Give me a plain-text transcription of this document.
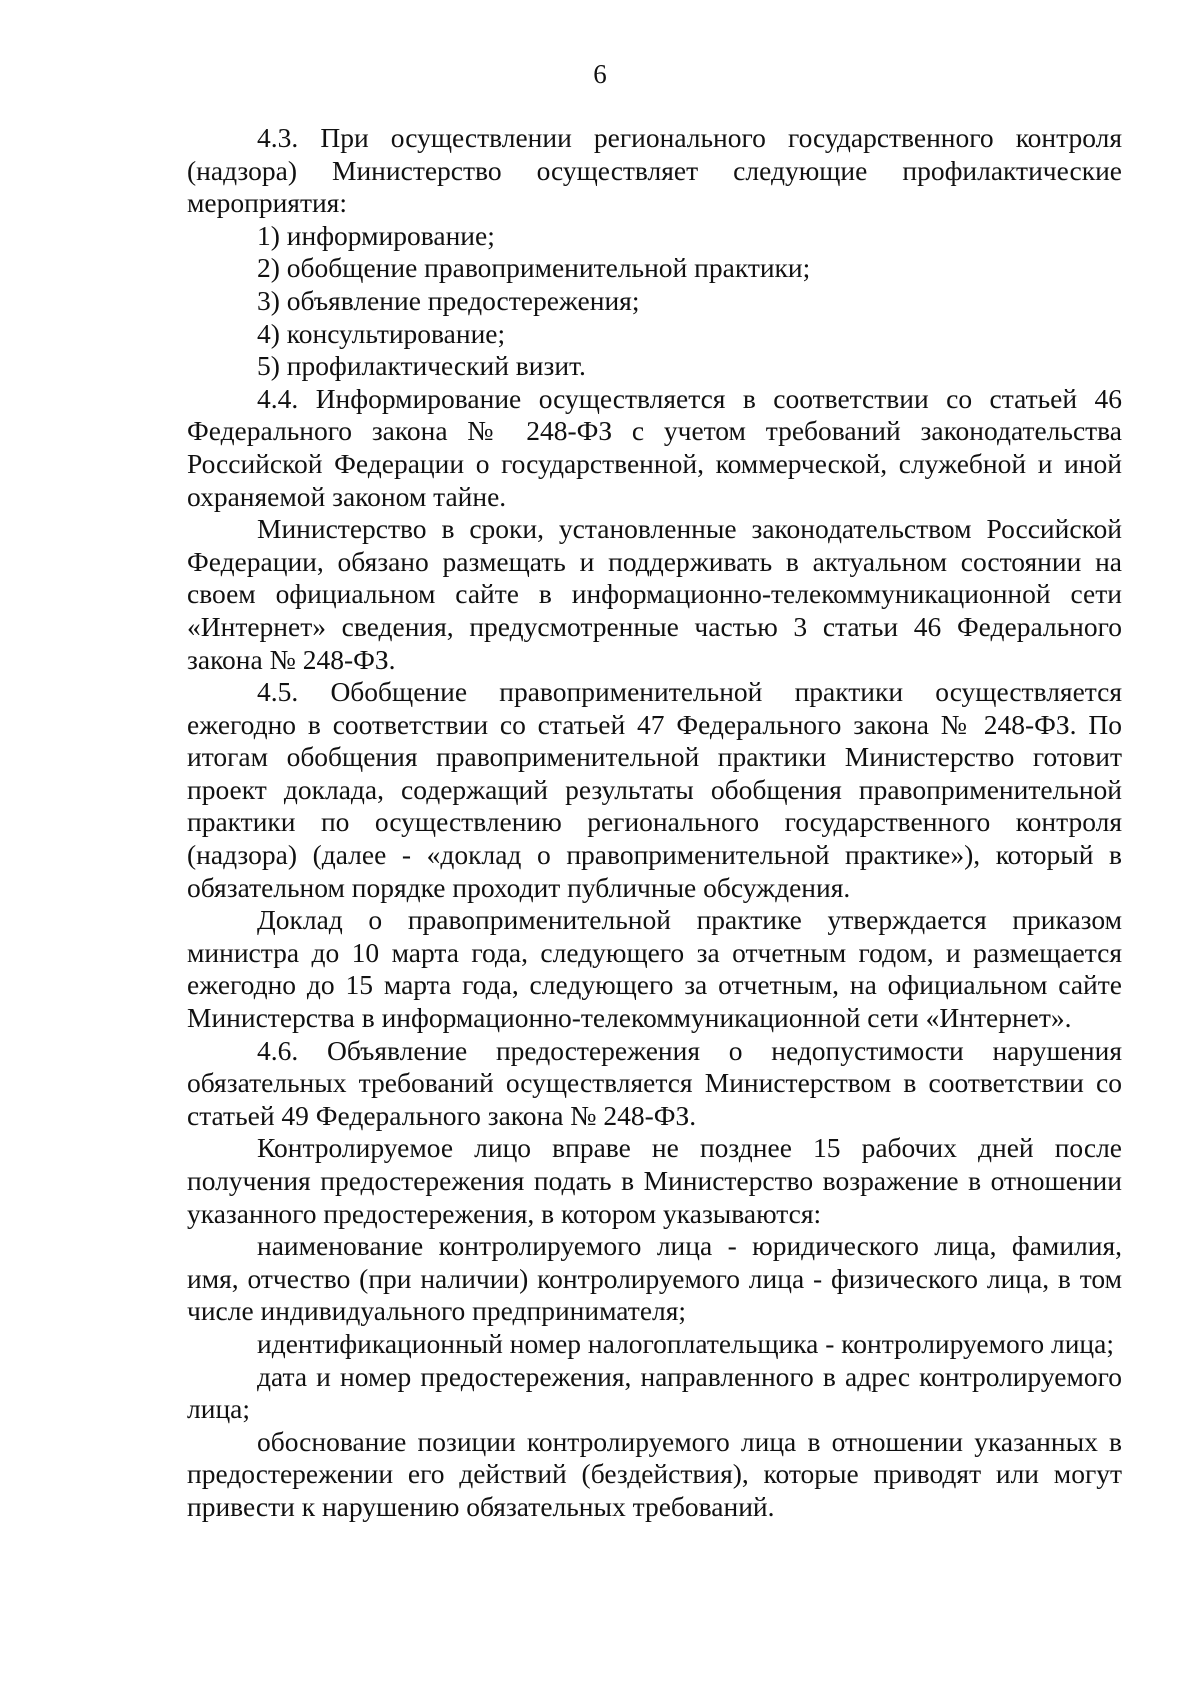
6

4.3. При осуществлении регионального государственного контроля (надзора) Министерство осуществляет следующие профилактические мероприятия:

1) информирование;

2) обобщение правоприменительной практики;

3) объявление предостережения;

4) консультирование;

5) профилактический визит.

4.4. Информирование осуществляется в соответствии со статьей 46 Федерального закона № 248-ФЗ с учетом требований законодательства Российской Федерации о государственной, коммерческой, служебной и иной охраняемой законом тайне.

Министерство в сроки, установленные законодательством Российской Федерации, обязано размещать и поддерживать в актуальном состоянии на своем официальном сайте в информационно-телекоммуникационной сети «Интернет» сведения, предусмотренные частью 3 статьи 46 Федерального закона № 248-ФЗ.

4.5. Обобщение правоприменительной практики осуществляется ежегодно в соответствии со статьей 47 Федерального закона № 248-ФЗ. По итогам обобщения правоприменительной практики Министерство готовит проект доклада, содержащий результаты обобщения правоприменительной практики по осуществлению регионального государственного контроля (надзора) (далее - «доклад о правоприменительной практике»), который в обязательном порядке проходит публичные обсуждения.

Доклад о правоприменительной практике утверждается приказом министра до 10 марта года, следующего за отчетным годом, и размещается ежегодно до 15 марта года, следующего за отчетным, на официальном сайте Министерства в информационно-телекоммуникационной сети «Интернет».

4.6. Объявление предостережения о недопустимости нарушения обязательных требований осуществляется Министерством в соответствии со статьей 49 Федерального закона № 248-ФЗ.

Контролируемое лицо вправе не позднее 15 рабочих дней после получения предостережения подать в Министерство возражение в отношении указанного предостережения, в котором указываются:

наименование контролируемого лица - юридического лица, фамилия, имя, отчество (при наличии) контролируемого лица - физического лица, в том числе индивидуального предпринимателя;

идентификационный номер налогоплательщика - контролируемого лица;

дата и номер предостережения, направленного в адрес контролируемого лица;

обоснование позиции контролируемого лица в отношении указанных в предостережении его действий (бездействия), которые приводят или могут привести к нарушению обязательных требований.
